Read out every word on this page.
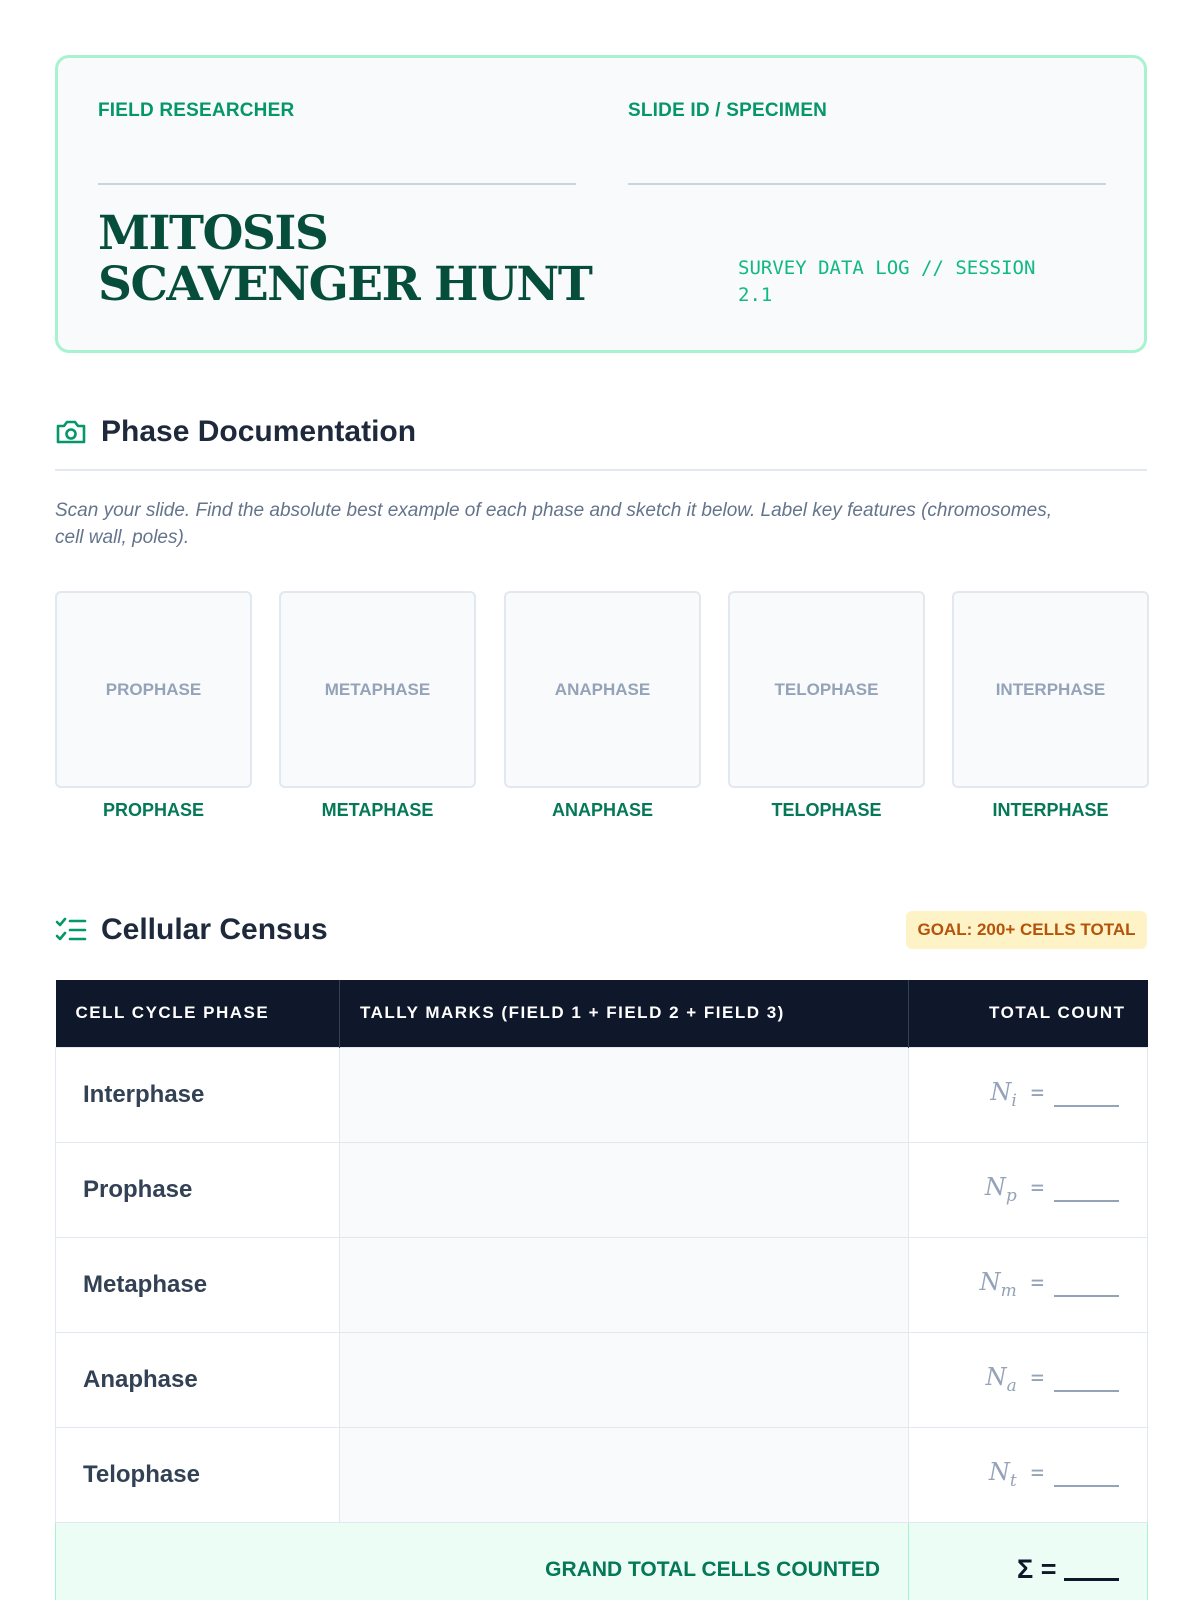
FIELD RESEARCHER	SLIDE ID / SPECIMEN
MITOSIS SCAVENGER HUNT	SURVEY DATA LOG // SESSION 2.1
Phase Documentation
Scan your slide. Find the absolute best example of each phase and sketch it below. Label key features (chromosomes, cell wall, poles).
PROPHASE	METAPHASE	ANAPHASE	TELOPHASE	INTERPHASE
PROPHASE	METAPHASE	ANAPHASE	TELOPHASE	INTERPHASE
Cellular Census	GOAL: 200+ CELLS TOTAL
CELL CYCLE PHASE	TALLY MARKS (FIELD 1 + FIELD 2 + FIELD 3)	TOTAL COUNT
Interphase		$N_i$ =
Prophase		$N_p$ =
Metaphase		$N_m$ =
Anaphase		$N_a$ =
Telophase		$N_t$ =
GRAND TOTAL CELLS COUNTED		Σ =
